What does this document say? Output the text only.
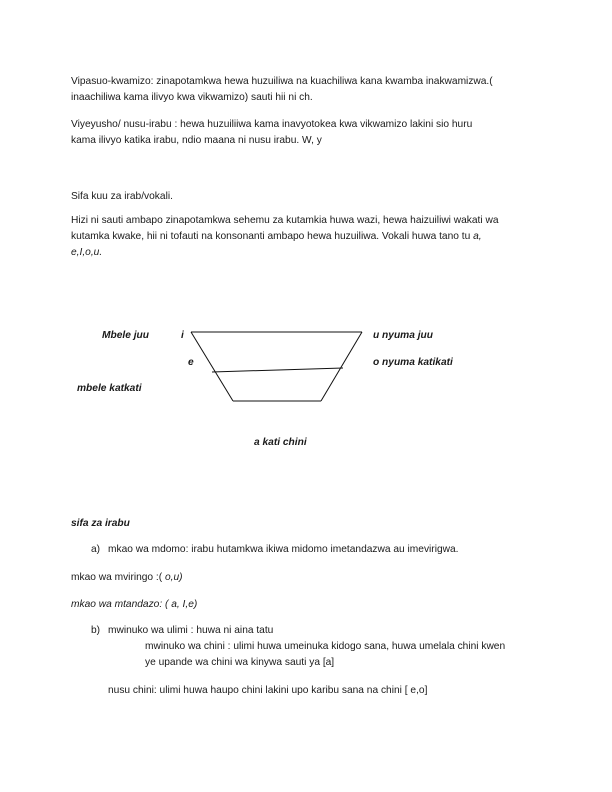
Vipasuo-kwamizo: zinapotamkwa hewa huzuiliwa na kuachiliwa kana kwamba inakwamizwa.(
inaachiliwa kama ilivyo kwa vikwamizo) sauti hii ni ch.
Viyeyusho/ nusu-irabu : hewa huzuiliiwa kama inavyotokea kwa vikwamizo lakini sio huru
kama ilivyo katika irabu, ndio maana ni nusu irabu. W, y
Sifa kuu za irab/vokali.
Hizi ni sauti ambapo zinapotamkwa sehemu za kutamkia huwa wazi, hewa haizuiliwi wakati wa
kutamka kwake, hii ni tofauti na konsonanti ambapo hewa huzuiliwa. Vokali huwa tano tu a,
e,I,o,u.
Mbele juu	i	u nyuma juu
e	o nyuma katikati
mbele katkati
a kati chini
sifa za irabu
a) mkao wa mdomo: irabu hutamkwa ikiwa midomo imetandazwa au imevirigwa.
mkao wa mviringo :( o,u)
mkao wa mtandazo: ( a, I,e)
b) mwinuko wa ulimi : huwa ni aina tatu
mwinuko wa chini : ulimi huwa umeinuka kidogo sana, huwa umelala chini kwen
ye upande wa chini wa kinywa sauti ya [a]
nusu chini: ulimi huwa haupo chini lakini upo karibu sana na chini [ e,o]
